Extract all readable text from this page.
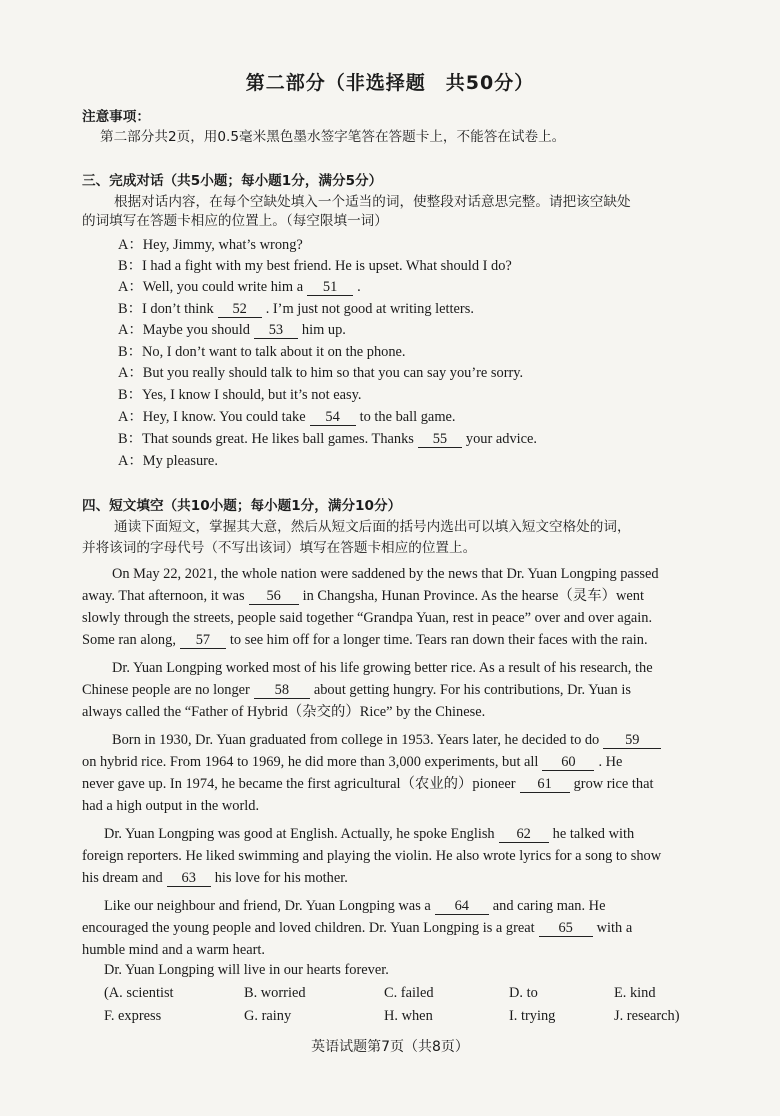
第二部分（非选择题　共50分）
注意事项：
第二部分共2页，用0.5毫米黑色墨水签字笔答在答题卡上，不能答在试卷上。
三、完成对话（共5小题；每小题1分，满分5分）
根据对话内容，在每个空缺处填入一个适当的词，使整段对话意思完整。请把该空缺处
的词填写在答题卡相应的位置上。（每空限填一词）
A：Hey, Jimmy, what’s wrong?
B：I had a fight with my best friend. He is upset. What should I do?
A：Well, you could write him a 51 .
B：I don’t think 52 . I’m just not good at writing letters.
A：Maybe you should 53 him up.
B：No, I don’t want to talk about it on the phone.
A：But you really should talk to him so that you can say you’re sorry.
B：Yes, I know I should, but it’s not easy.
A：Hey, I know. You could take 54 to the ball game.
B：That sounds great. He likes ball games. Thanks 55 your advice.
A：My pleasure.
四、短文填空（共10小题；每小题1分，满分10分）
通读下面短文，掌握其大意，然后从短文后面的括号内选出可以填入短文空格处的词，
并将该词的字母代号（不写出该词）填写在答题卡相应的位置上。
On May 22, 2021, the whole nation were saddened by the news that Dr. Yuan Longping passed
away. That afternoon, it was 56 in Changsha, Hunan Province. As the hearse（灵车）went
slowly through the streets, people said together “Grandpa Yuan, rest in peace” over and over again.
Some ran along, 57 to see him off for a longer time. Tears ran down their faces with the rain.
Dr. Yuan Longping worked most of his life growing better rice. As a result of his research, the
Chinese people are no longer 58 about getting hungry. For his contributions, Dr. Yuan is
always called the “Father of Hybrid（杂交的）Rice” by the Chinese.
Born in 1930, Dr. Yuan graduated from college in 1953. Years later, he decided to do 59
on hybrid rice. From 1964 to 1969, he did more than 3,000 experiments, but all 60 . He
never gave up. In 1974, he became the first agricultural（农业的）pioneer 61 grow rice that
had a high output in the world.
Dr. Yuan Longping was good at English. Actually, he spoke English 62 he talked with
foreign reporters. He liked swimming and playing the violin. He also wrote lyrics for a song to show
his dream and 63 his love for his mother.
Like our neighbour and friend, Dr. Yuan Longping was a 64 and caring man. He
encouraged the young people and loved children. Dr. Yuan Longping is a great 65 with a
humble mind and a warm heart.
Dr. Yuan Longping will live in our hearts forever.
(A. scientist	B. worried	C. failed	D. to	E. kind
F. express	G. rainy	H. when	I. trying	J. research)
英语试题第7页（共8页）
